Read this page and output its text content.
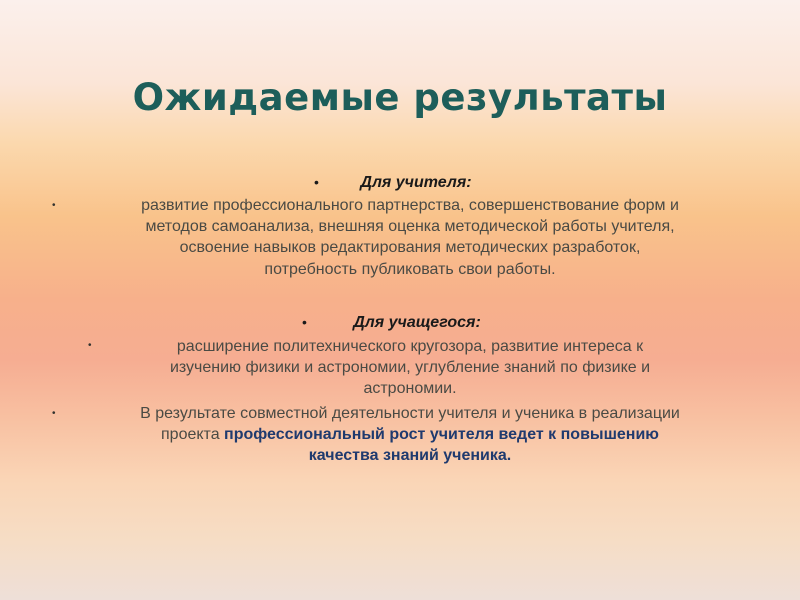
Ожидаемые результаты
•	Для учителя:
•	развитие профессионального партнерства, совершенствование форм и
методов самоанализа, внешняя оценка методической работы учителя,
освоение навыков редактирования методических разработок,
потребность публиковать свои работы.
•	Для учащегося:
•	расширение политехнического кругозора, развитие интереса к
изучению физики и астрономии, углубление знаний по физике и
астрономии.
•	В результате совместной деятельности учителя и ученика в реализации
проекта профессиональный рост учителя ведет к повышению
качества знаний ученика.
